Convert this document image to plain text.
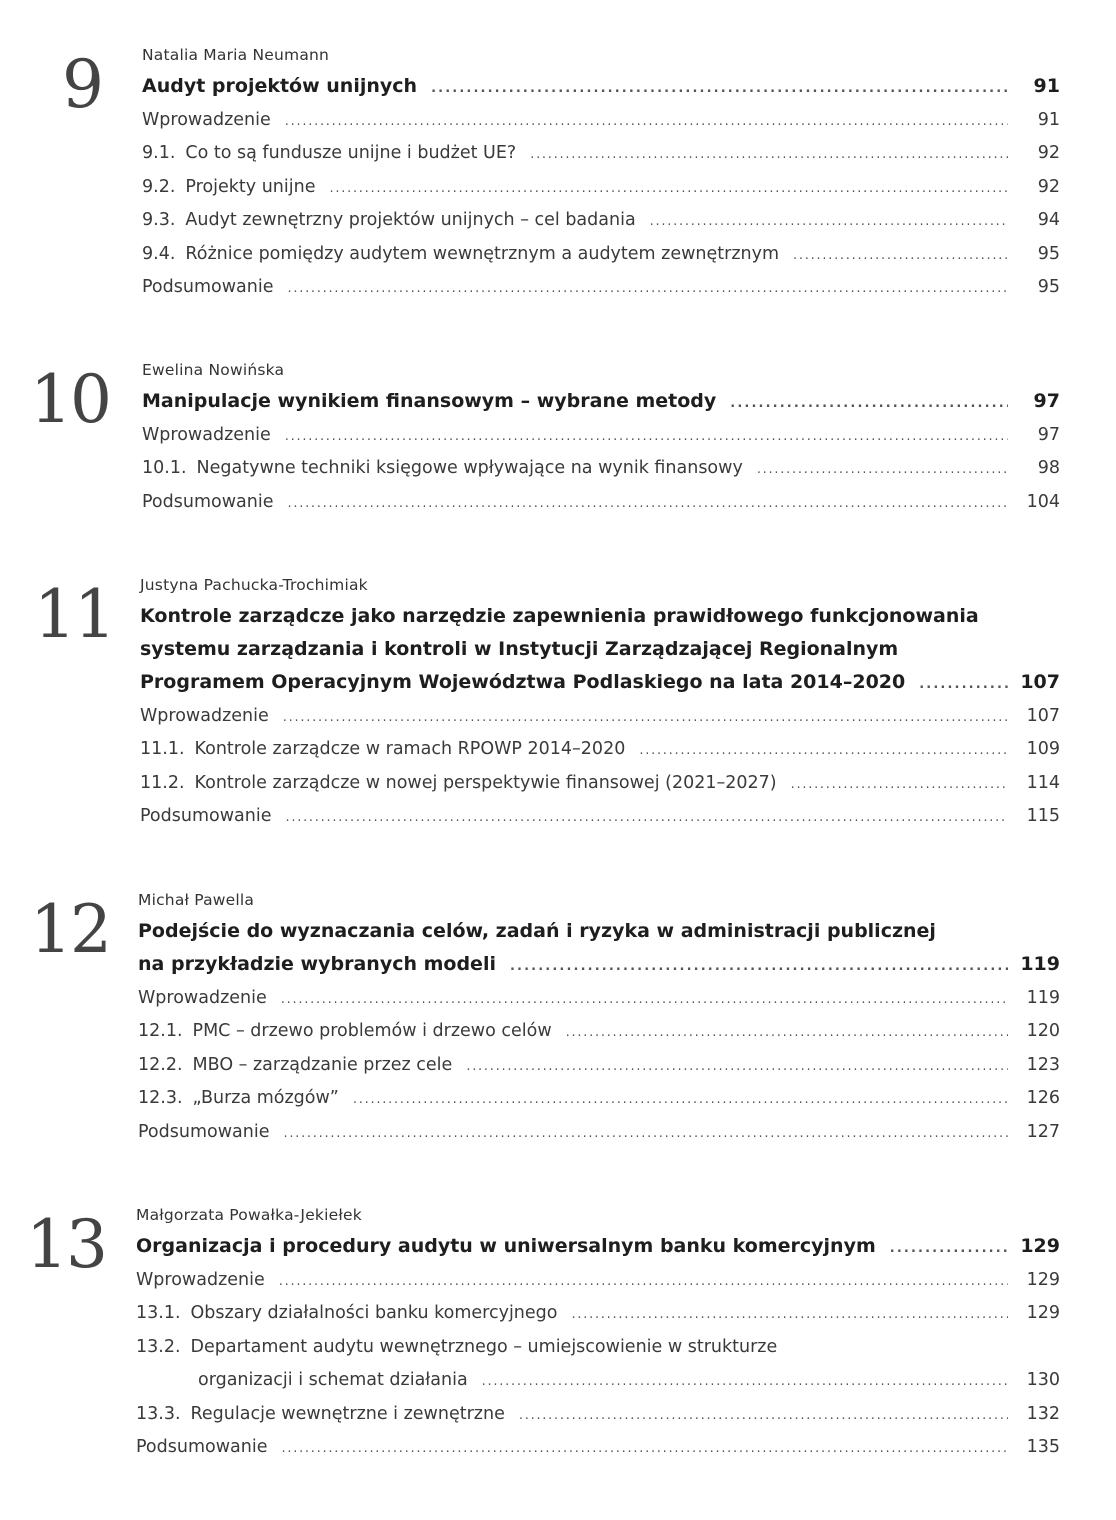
9	Natalia Maria Neumann
Audyt projektów unijnych . . .	91
Wprowadzenie . . .	91
9.1. Co to są fundusze unijne i budżet UE? . . .	92
9.2. Projekty unijne . . .	92
9.3. Audyt zewnętrzny projektów unijnych – cel badania . . .	94
9.4. Różnice pomiędzy audytem wewnętrznym a audytem zewnętrznym . . .	95
Podsumowanie . . .	95
10 Ewelina Nowińska
Manipulacje wynikiem finansowym – wybrane metody . . .	97
Wprowadzenie . . .	97
10.1. Negatywne techniki księgowe wpływające na wynik finansowy . . .	98
Podsumowanie . . .	104
11 Justyna Pachucka-Trochimiak
Kontrole zarządcze jako narzędzie zapewnienia prawidłowego funkcjonowania
systemu zarządzania i kontroli w Instytucji Zarządzającej Regionalnym
Programem Operacyjnym Województwa Podlaskiego na lata 2014–2020 . . .	107
Wprowadzenie . . .	107
11.1. Kontrole zarządcze w ramach RPOWP 2014–2020 . . .	109
11.2. Kontrole zarządcze w nowej perspektywie finansowej (2021–2027) . . .	114
Podsumowanie . . .	115
12 Michał Pawella
Podejście do wyznaczania celów, zadań i ryzyka w administracji publicznej
na przykładzie wybranych modeli . . .	119
Wprowadzenie . . .	119
12.1. PMC – drzewo problemów i drzewo celów . . .	120
12.2. MBO – zarządzanie przez cele . . .	123
12.3. „Burza mózgów” . . .	126
Podsumowanie . . .	127
13 Małgorzata Powałka-Jekiełek
Organizacja i procedury audytu w uniwersalnym banku komercyjnym . . .	129
Wprowadzenie . . .	129
13.1. Obszary działalności banku komercyjnego . . .	129
13.2. Departament audytu wewnętrznego – umiejscowienie w strukturze
organizacji i schemat działania . . .	130
13.3. Regulacje wewnętrzne i zewnętrzne . . .	132
Podsumowanie . . .	135
